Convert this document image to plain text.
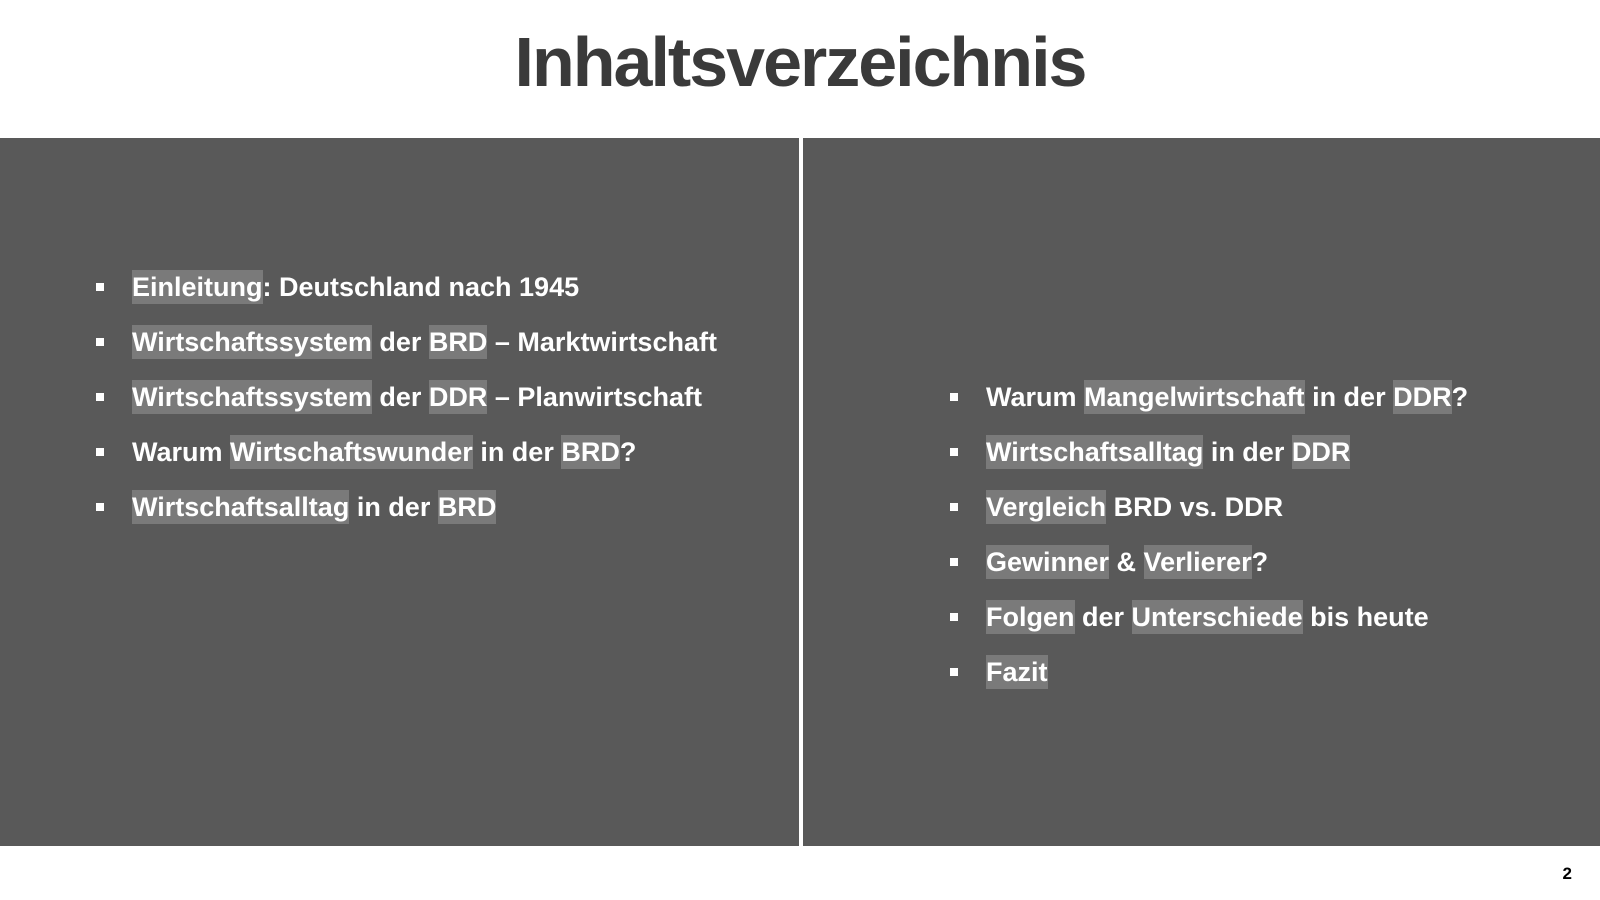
Inhaltsverzeichnis
Einleitung: Deutschland nach 1945
Wirtschaftssystem der BRD – Marktwirtschaft
Wirtschaftssystem der DDR – Planwirtschaft
Warum Wirtschaftswunder in der BRD?
Wirtschaftsalltag in der BRD
Warum Mangelwirtschaft in der DDR?
Wirtschaftsalltag in der DDR
Vergleich BRD vs. DDR
Gewinner & Verlierer?
Folgen der Unterschiede bis heute
Fazit
2
